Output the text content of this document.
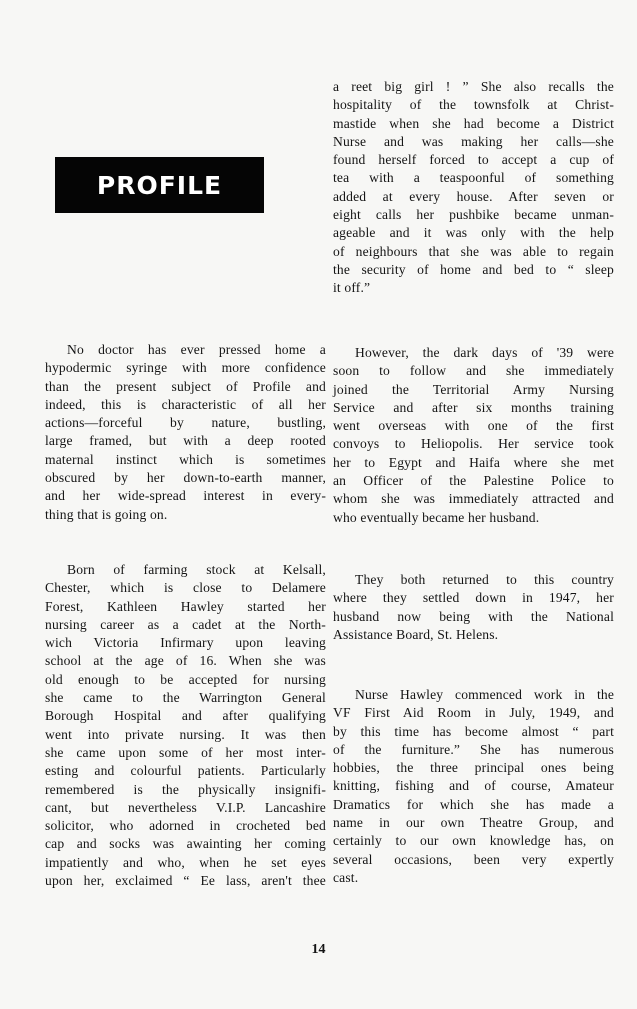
PROFILE
No doctor has ever pressed home a
hypodermic syringe with more confidence
than the present subject of Profile and
indeed, this is characteristic of all her
actions—forceful by nature, bustling,
large framed, but with a deep rooted
maternal instinct which is sometimes
obscured by her down-to-earth manner,
and her wide-spread interest in every-
thing that is going on.
Born of farming stock at Kelsall,
Chester, which is close to Delamere
Forest, Kathleen Hawley started her
nursing career as a cadet at the North-
wich Victoria Infirmary upon leaving
school at the age of 16. When she was
old enough to be accepted for nursing
she came to the Warrington General
Borough Hospital and after qualifying
went into private nursing. It was then
she came upon some of her most inter-
esting and colourful patients. Particularly
remembered is the physically insignifi-
cant, but nevertheless V.I.P. Lancashire
solicitor, who adorned in crocheted bed
cap and socks was awainting her coming
impatiently and who, when he set eyes
upon her, exclaimed “ Ee lass, aren't thee
a reet big girl ! ” She also recalls the
hospitality of the townsfolk at Christ-
mastide when she had become a District
Nurse and was making her calls—she
found herself forced to accept a cup of
tea with a teaspoonful of something
added at every house. After seven or
eight calls her pushbike became unman-
ageable and it was only with the help
of neighbours that she was able to regain
the security of home and bed to “ sleep
it off.”
However, the dark days of '39 were
soon to follow and she immediately
joined the Territorial Army Nursing
Service and after six months training
went overseas with one of the first
convoys to Heliopolis. Her service took
her to Egypt and Haifa where she met
an Officer of the Palestine Police to
whom she was immediately attracted and
who eventually became her husband.
They both returned to this country
where they settled down in 1947, her
husband now being with the National
Assistance Board, St. Helens.
Nurse Hawley commenced work in the
VF First Aid Room in July, 1949, and
by this time has become almost “ part
of the furniture.” She has numerous
hobbies, the three principal ones being
knitting, fishing and of course, Amateur
Dramatics for which she has made a
name in our own Theatre Group, and
certainly to our own knowledge has, on
several occasions, been very expertly
cast.
14
